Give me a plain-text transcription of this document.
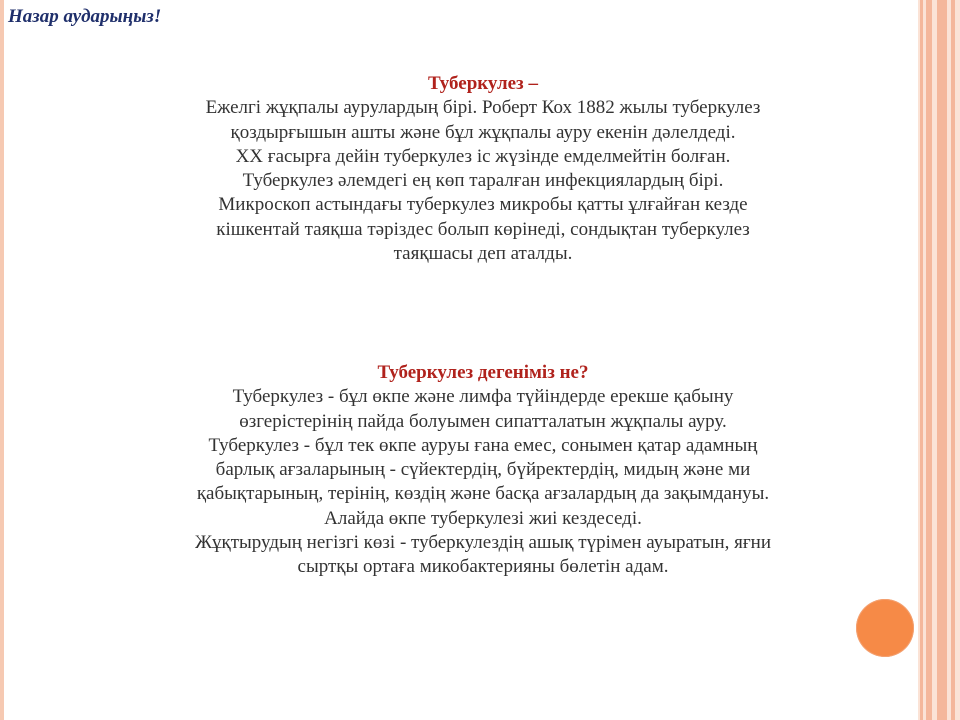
Назар аударыңыз!
Туберкулез –
Ежелгі жұқпалы аурулардың бірі. Роберт Кох 1882 жылы туберкулез
қоздырғышын ашты және бұл жұқпалы ауру екенін дәлелдеді.
XX ғасырға дейін туберкулез іс жүзінде емделмейтін болған.
Туберкулез әлемдегі ең көп таралған инфекциялардың бірі.
Микроскоп астындағы туберкулез микробы қатты ұлғайған кезде
кішкентай таяқша тәріздес болып көрінеді, сондықтан туберкулез
таяқшасы деп аталды.
Туберкулез дегеніміз не?
Туберкулез - бұл өкпе және лимфа түйіндерде ерекше қабыну
өзгерістерінің пайда болуымен сипатталатын жұқпалы ауру.
Туберкулез - бұл тек өкпе ауруы ғана емес, сонымен қатар адамның
барлық ағзаларының - сүйектердің, бүйректердің, мидың және ми
қабықтарының, терінің, көздің және басқа ағзалардың да зақымдануы.
Алайда өкпе туберкулезі жиі кездеседі.
Жұқтырудың негізгі көзі - туберкулездің ашық түрімен ауыратын, яғни
сыртқы ортаға микобактерияны бөлетін адам.
